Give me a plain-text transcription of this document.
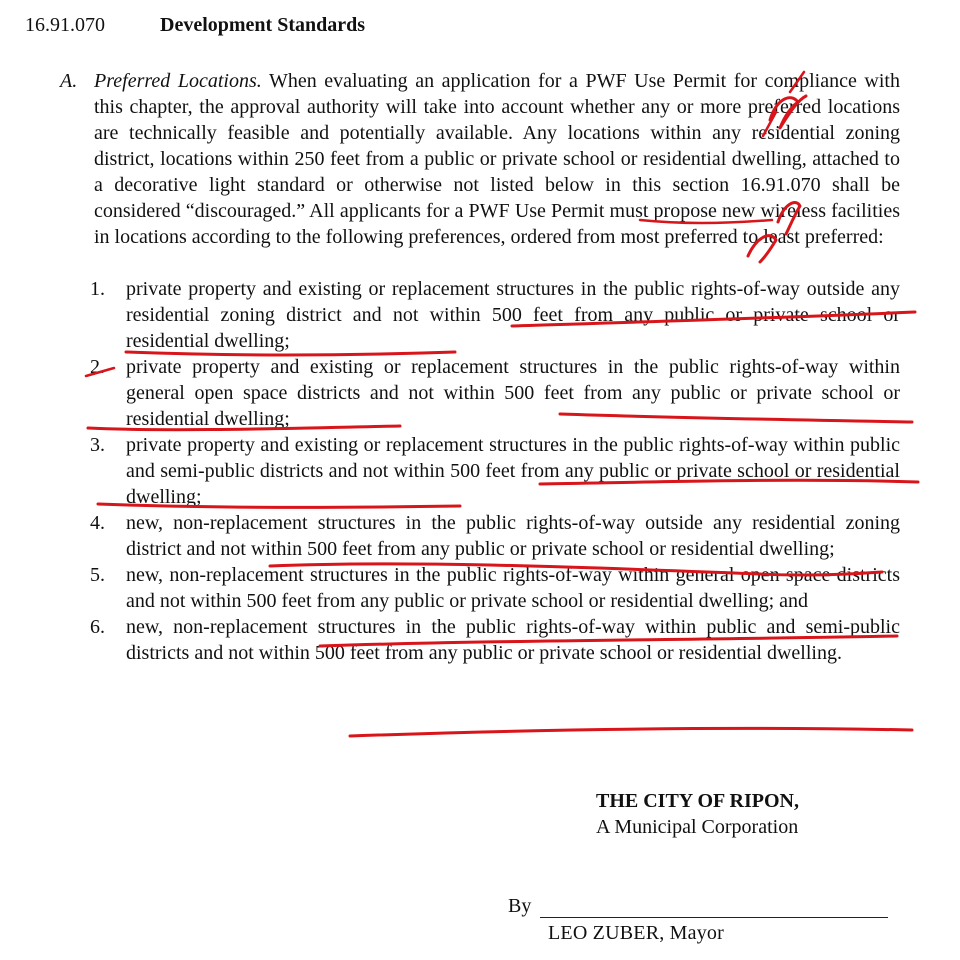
16.91.070	Development Standards
A. Preferred Locations. When evaluating an application for a PWF Use Permit for compliance with this chapter, the approval authority will take into account whether any or more preferred locations are technically feasible and potentially available. Any locations within any residential zoning district, locations within 250 feet from a public or private school or residential dwelling, attached to a decorative light standard or otherwise not listed below in this section 16.91.070 shall be considered “discouraged.” All applicants for a PWF Use Permit must propose new wireless facilities in locations according to the following preferences, ordered from most preferred to least preferred:
1. private property and existing or replacement structures in the public rights-of-way outside any residential zoning district and not within 500 feet from any public or private school or residential dwelling;
2. private property and existing or replacement structures in the public rights-of-way within general open space districts and not within 500 feet from any public or private school or residential dwelling;
3. private property and existing or replacement structures in the public rights-of-way within public and semi-public districts and not within 500 feet from any public or private school or residential dwelling;
4. new, non-replacement structures in the public rights-of-way outside any residential zoning district and not within 500 feet from any public or private school or residential dwelling;
5. new, non-replacement structures in the public rights-of-way within general open space districts and not within 500 feet from any public or private school or residential dwelling; and
6. new, non-replacement structures in the public rights-of-way within public and semi-public districts and not within 500 feet from any public or private school or residential dwelling.
THE CITY OF RIPON,
A Municipal Corporation
By
LEO ZUBER, Mayor
